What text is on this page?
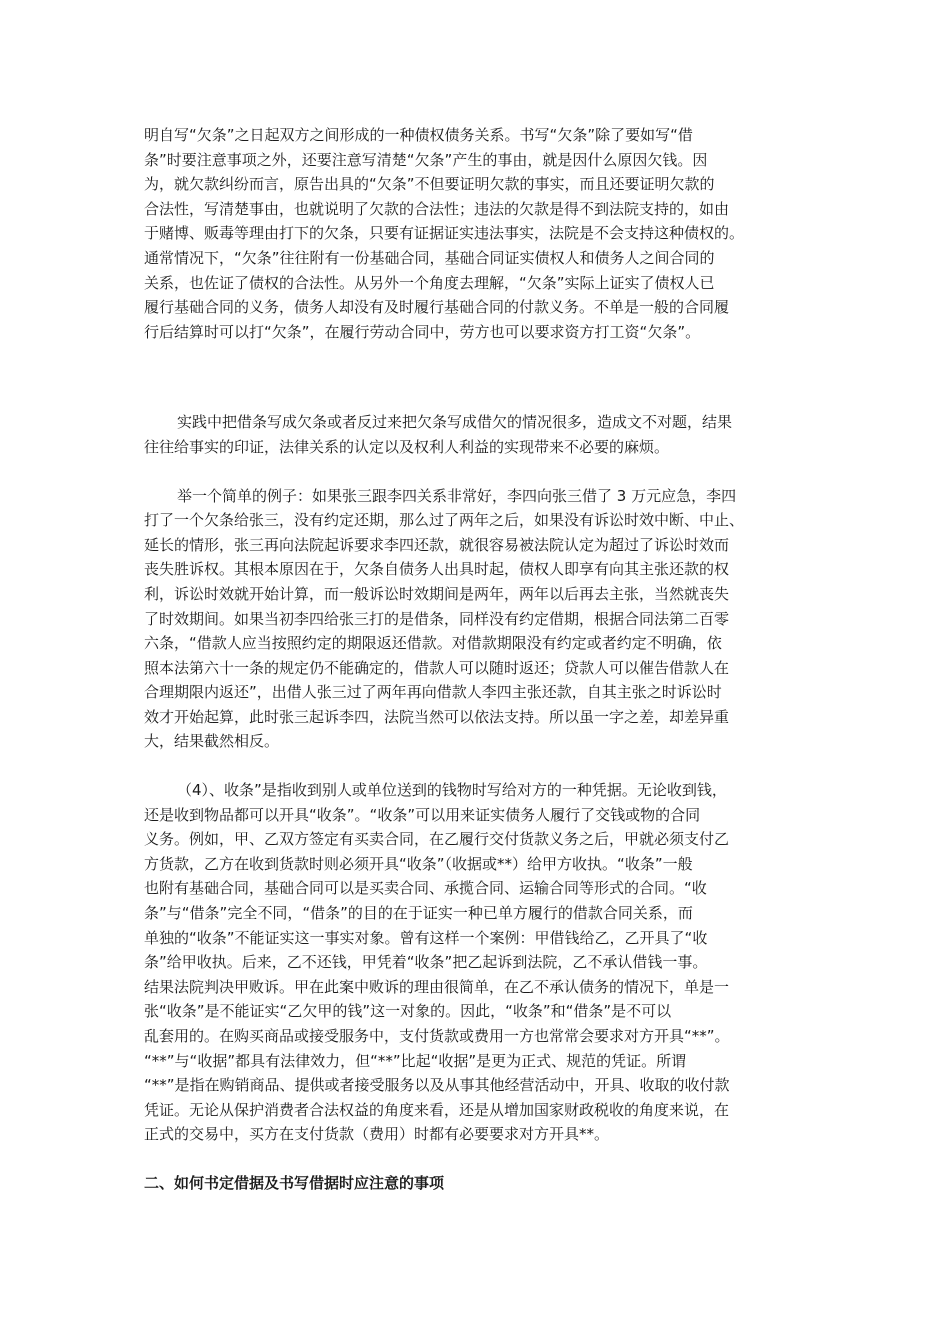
明自写“欠条”之日起双方之间形成的一种债权债务关系。书写“欠条”除了要如写“借
条”时要注意事项之外，还要注意写清楚“欠条”产生的事由，就是因什么原因欠钱。因
为，就欠款纠纷而言，原告出具的“欠条”不但要证明欠款的事实，而且还要证明欠款的
合法性，写清楚事由，也就说明了欠款的合法性；违法的欠款是得不到法院支持的，如由
于赌博、贩毒等理由打下的欠条，只要有证据证实违法事实，法院是不会支持这种债权的。
通常情况下，“欠条”往往附有一份基础合同，基础合同证实债权人和债务人之间合同的
关系，也佐证了债权的合法性。从另外一个角度去理解，“欠条”实际上证实了债权人已
履行基础合同的义务，债务人却没有及时履行基础合同的付款义务。不单是一般的合同履
行后结算时可以打“欠条”，在履行劳动合同中，劳方也可以要求资方打工资“欠条”。
实践中把借条写成欠条或者反过来把欠条写成借欠的情况很多，造成文不对题，结果
往往给事实的印证，法律关系的认定以及权利人利益的实现带来不必要的麻烦。
举一个简单的例子：如果张三跟李四关系非常好，李四向张三借了 3 万元应急，李四
打了一个欠条给张三，没有约定还期，那么过了两年之后，如果没有诉讼时效中断、中止、
延长的情形，张三再向法院起诉要求李四还款，就很容易被法院认定为超过了诉讼时效而
丧失胜诉权。其根本原因在于，欠条自债务人出具时起，债权人即享有向其主张还款的权
利，诉讼时效就开始计算，而一般诉讼时效期间是两年，两年以后再去主张，当然就丧失
了时效期间。如果当初李四给张三打的是借条，同样没有约定借期，根据合同法第二百零
六条，“借款人应当按照约定的期限返还借款。对借款期限没有约定或者约定不明确，依
照本法第六十一条的规定仍不能确定的，借款人可以随时返还；贷款人可以催告借款人在
合理期限内返还”，出借人张三过了两年再向借款人李四主张还款，自其主张之时诉讼时
效才开始起算，此时张三起诉李四，法院当然可以依法支持。所以虽一字之差，却差异重
大，结果截然相反。
（4）、收条”是指收到别人或单位送到的钱物时写给对方的一种凭据。无论收到钱，
还是收到物品都可以开具“收条”。“收条”可以用来证实债务人履行了交钱或物的合同
义务。例如，甲、乙双方签定有买卖合同，在乙履行交付货款义务之后，甲就必须支付乙
方货款，乙方在收到货款时则必须开具“收条”（收据或**）给甲方收执。“收条”一般
也附有基础合同，基础合同可以是买卖合同、承揽合同、运输合同等形式的合同。“收
条”与“借条”完全不同，“借条”的目的在于证实一种已单方履行的借款合同关系，而
单独的“收条”不能证实这一事实对象。曾有这样一个案例：甲借钱给乙，乙开具了“收
条”给甲收执。后来，乙不还钱，甲凭着“收条”把乙起诉到法院，乙不承认借钱一事。
结果法院判决甲败诉。甲在此案中败诉的理由很简单，在乙不承认债务的情况下，单是一
张“收条”是不能证实“乙欠甲的钱”这一对象的。因此，“收条”和“借条”是不可以
乱套用的。在购买商品或接受服务中，支付货款或费用一方也常常会要求对方开具“**”。
“**”与“收据”都具有法律效力，但“**”比起“收据”是更为正式、规范的凭证。所谓
“**”是指在购销商品、提供或者接受服务以及从事其他经营活动中，开具、收取的收付款
凭证。无论从保护消费者合法权益的角度来看，还是从增加国家财政税收的角度来说，在
正式的交易中，买方在支付货款（费用）时都有必要要求对方开具**。
二、如何书定借据及书写借据时应注意的事项
